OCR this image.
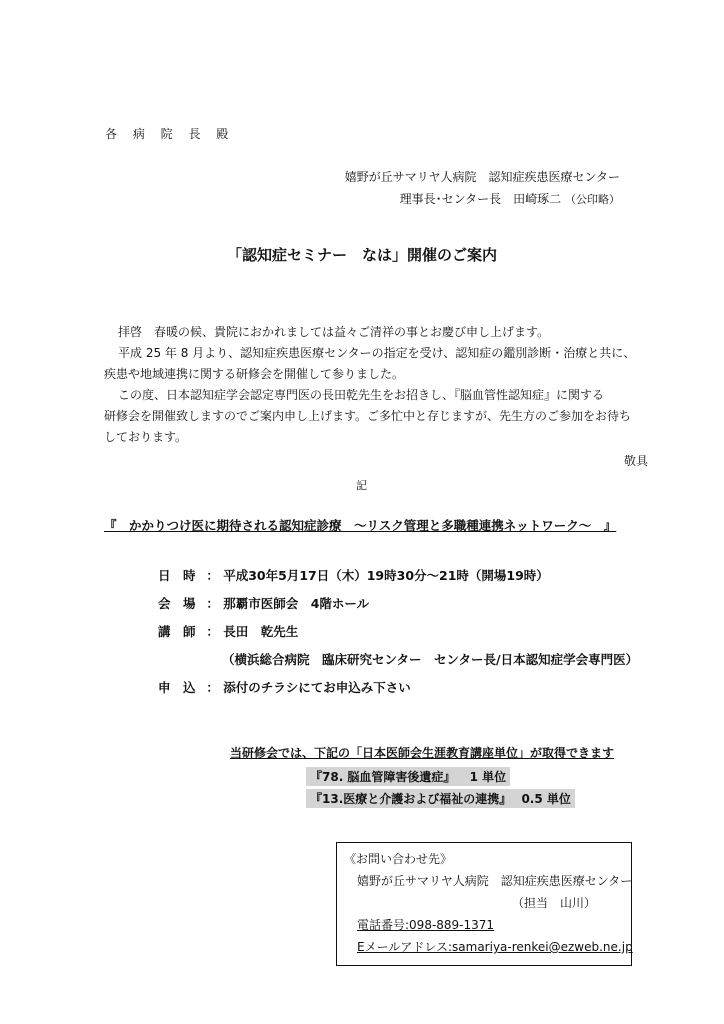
各 病 院 長 殿
嬉野が丘サマリヤ人病院　認知症疾患医療センター
理事長･センター長　田崎琢二 （公印略）
「認知症セミナー　なは」開催のご案内
拝啓　春暖の候、貴院におかれましては益々ご清祥の事とお慶び申し上げます。
平成 25 年 8 月より、認知症疾患医療センターの指定を受け、認知症の鑑別診断・治療と共に、
疾患や地域連携に関する研修会を開催して参りました。
この度、日本認知症学会認定専門医の長田乾先生をお招きし、『脳血管性認知症』に関する
研修会を開催致しますのでご案内申し上げます。ご多忙中と存じますが、先生方のご参加をお待ち
しております。
敬具
記
『　かかりつけ医に期待される認知症診療　～リスク管理と多職種連携ネットワーク～　』
日　時 ： 平成30年5月17日（木）19時30分～21時（開場19時）
会　場 ： 那覇市医師会　4階ホール
講　師 ： 長田　乾先生
（横浜総合病院　臨床研究センター　センター長/日本認知症学会専門医）
申　込 ： 添付のチラシにてお申込み下さい
当研修会では、下記の「日本医師会生涯教育講座単位」が取得できます
『78. 脳血管障害後遺症』 1 単位
『13.医療と介護および福祉の連携』 0.5 単位
《お問い合わせ先》
嬉野が丘サマリヤ人病院　認知症疾患医療センター
（担当　山川）
電話番号:098-889-1371
Eメールアドレス:samariya-renkei@ezweb.ne.jp
